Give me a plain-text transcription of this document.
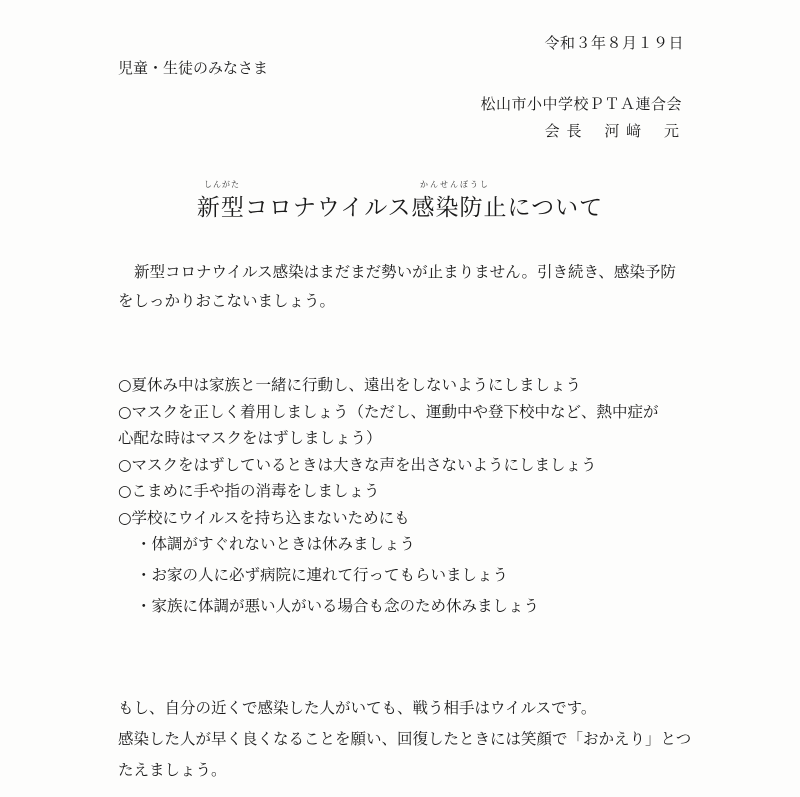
令和３年８月１９日
児童・生徒のみなさま
松山市小中学校ＰＴＡ連合会
会 長 河 﨑　 元
しんがた	かんせんぼうし
新型コロナウイルス感染防止について

新型コロナウイルス感染はまだまだ勢いが止まりません。引き続き、感染予防

をしっかりおこないましょう。

○夏休み中は家族と一緒に行動し、遠出をしないようにしましょう
○マスクを正しく着用しましょう（ただし、運動中や登下校中など、熱中症が
心配な時はマスクをはずしましょう）
○マスクをはずしているときは大きな声を出さないようにしましょう
○こまめに手や指の消毒をしましょう
○学校にウイルスを持ち込まないためにも
・体調がすぐれないときは休みましょう
・お家の人に必ず病院に連れて行ってもらいましょう
・家族に体調が悪い人がいる場合も念のため休みましょう

もし、自分の近くで感染した人がいても、戦う相手はウイルスです。

感染した人が早く良くなることを願い、回復したときには笑顔で「おかえり」とつ

たえましょう。
